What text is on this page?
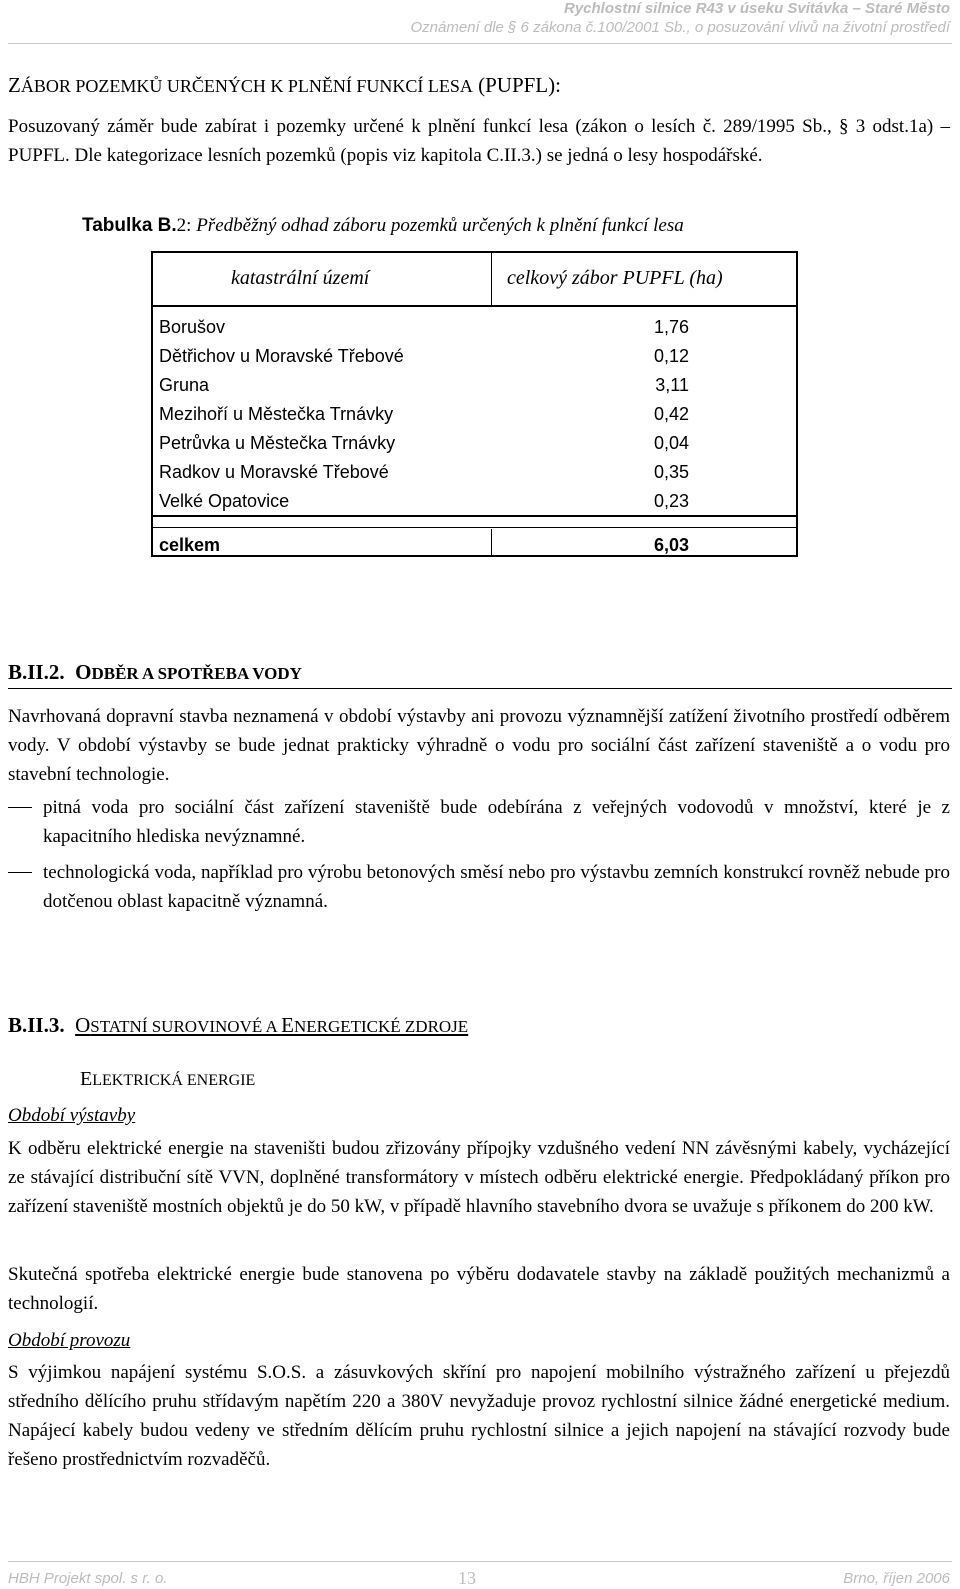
Rychlostní silnice R43 v úseku Svitávka – Staré Město
Oznámení dle § 6 zákona č.100/2001 Sb., o posuzování vlivů na životní prostředí
ZÁBOR POZEMKŮ URČENÝCH K PLNĚNÍ FUNKCÍ LESA (PUPFL):
Posuzovaný záměr bude zabírat i pozemky určené k plnění funkcí lesa (zákon o lesích č. 289/1995 Sb., § 3 odst.1a) – PUPFL. Dle kategorizace lesních pozemků (popis viz kapitola C.II.3.) se jedná o lesy hospodářské.
Tabulka B.2: Předběžný odhad záboru pozemků určených k plnění funkcí lesa
katastrální území	celkový zábor PUPFL (ha)
Borušov	1,76
Dětřichov u Moravské Třebové	0,12
Gruna	3,11
Mezihoří u Městečka Trnávky	0,42
Petrůvka u Městečka Trnávky	0,04
Radkov u Moravské Třebové	0,35
Velké Opatovice	0,23
celkem	6,03
B.II.2. ODBĚR A SPOTŘEBA VODY
Navrhovaná dopravní stavba neznamená v období výstavby ani provozu významnější zatížení životního prostředí odběrem vody. V období výstavby se bude jednat prakticky výhradně o vodu pro sociální část zařízení staveniště a o vodu pro stavební technologie.
pitná voda pro sociální část zařízení staveniště bude odebírána z veřejných vodovodů v množství, které je z kapacitního hlediska nevýznamné.
technologická voda, například pro výrobu betonových směsí nebo pro výstavbu zemních konstrukcí rovněž nebude pro dotčenou oblast kapacitně významná.
B.II.3. OSTATNÍ SUROVINOVÉ A ENERGETICKÉ ZDROJE
ELEKTRICKÁ ENERGIE
Období výstavby
K odběru elektrické energie na staveništi budou zřizovány přípojky vzdušného vedení NN závěsnými kabely, vycházející ze stávající distribuční sítě VVN, doplněné transformátory v místech odběru elektrické energie. Předpokládaný příkon pro zařízení staveniště mostních objektů je do 50 kW, v případě hlavního stavebního dvora se uvažuje s příkonem do 200 kW.
Skutečná spotřeba elektrické energie bude stanovena po výběru dodavatele stavby na základě použitých mechanizmů a technologií.
Období provozu
S výjimkou napájení systému S.O.S. a zásuvkových skříní pro napojení mobilního výstražného zařízení u přejezdů středního dělícího pruhu střídavým napětím 220 a 380V nevyžaduje provoz rychlostní silnice žádné energetické medium. Napájecí kabely budou vedeny ve středním dělícím pruhu rychlostní silnice a jejich napojení na stávající rozvody bude řešeno prostřednictvím rozvaděčů.
HBH Projekt spol. s r. o.	13	Brno, říjen 2006
